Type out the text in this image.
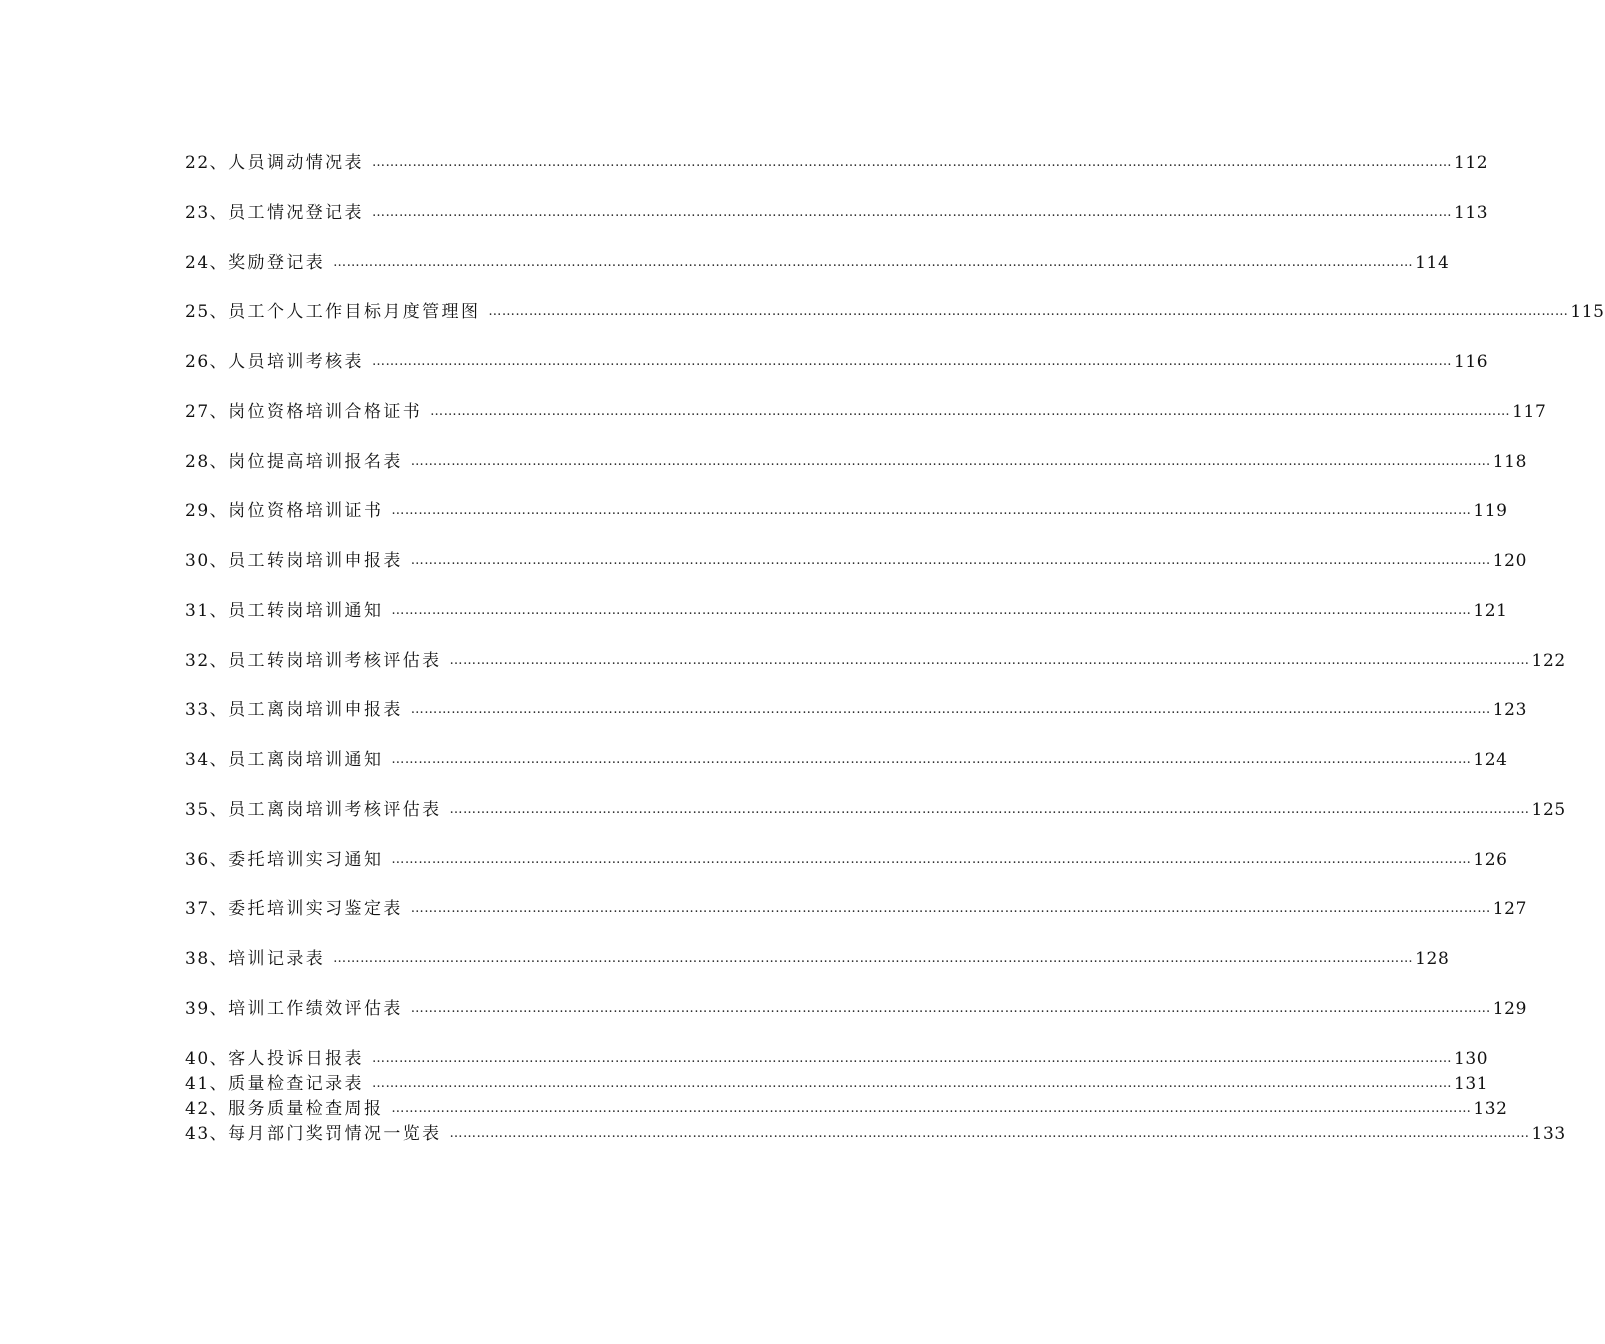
22、 人员调动情况表 …………………………………………………………………………………………………………………………………………………………………………………………………………………… 112
23、 员工情况登记表 …………………………………………………………………………………………………………………………………………………………………………………………………………………… 113
24、 奖励登记表 …………………………………………………………………………………………………………………………………………………………………………………………………………………… 114
25、 员工个人工作目标月度管理图 …………………………………………………………………………………………………………………………………………………………………………………………………………………… 115
26、 人员培训考核表 …………………………………………………………………………………………………………………………………………………………………………………………………………………… 116
27、 岗位资格培训合格证书 …………………………………………………………………………………………………………………………………………………………………………………………………………………… 117
28、 岗位提高培训报名表 …………………………………………………………………………………………………………………………………………………………………………………………………………………… 118
29、 岗位资格培训证书 …………………………………………………………………………………………………………………………………………………………………………………………………………………… 119
30、 员工转岗培训申报表 …………………………………………………………………………………………………………………………………………………………………………………………………………………… 120
31、 员工转岗培训通知 …………………………………………………………………………………………………………………………………………………………………………………………………………………… 121
32、 员工转岗培训考核评估表 …………………………………………………………………………………………………………………………………………………………………………………………………………………… 122
33、 员工离岗培训申报表 …………………………………………………………………………………………………………………………………………………………………………………………………………………… 123
34、 员工离岗培训通知 …………………………………………………………………………………………………………………………………………………………………………………………………………………… 124
35、 员工离岗培训考核评估表 …………………………………………………………………………………………………………………………………………………………………………………………………………………… 125
36、 委托培训实习通知 …………………………………………………………………………………………………………………………………………………………………………………………………………………… 126
37、 委托培训实习鉴定表 …………………………………………………………………………………………………………………………………………………………………………………………………………………… 127
38、 培训记录表 …………………………………………………………………………………………………………………………………………………………………………………………………………………… 128
39、 培训工作绩效评估表 …………………………………………………………………………………………………………………………………………………………………………………………………………………… 129
40、 客人投诉日报表 …………………………………………………………………………………………………………………………………………………………………………………………………………………… 130
41、 质量检查记录表 …………………………………………………………………………………………………………………………………………………………………………………………………………………… 131
42、 服务质量检查周报 …………………………………………………………………………………………………………………………………………………………………………………………………………………… 132
43、 每月部门奖罚情况一览表 …………………………………………………………………………………………………………………………………………………………………………………………………………………… 133
